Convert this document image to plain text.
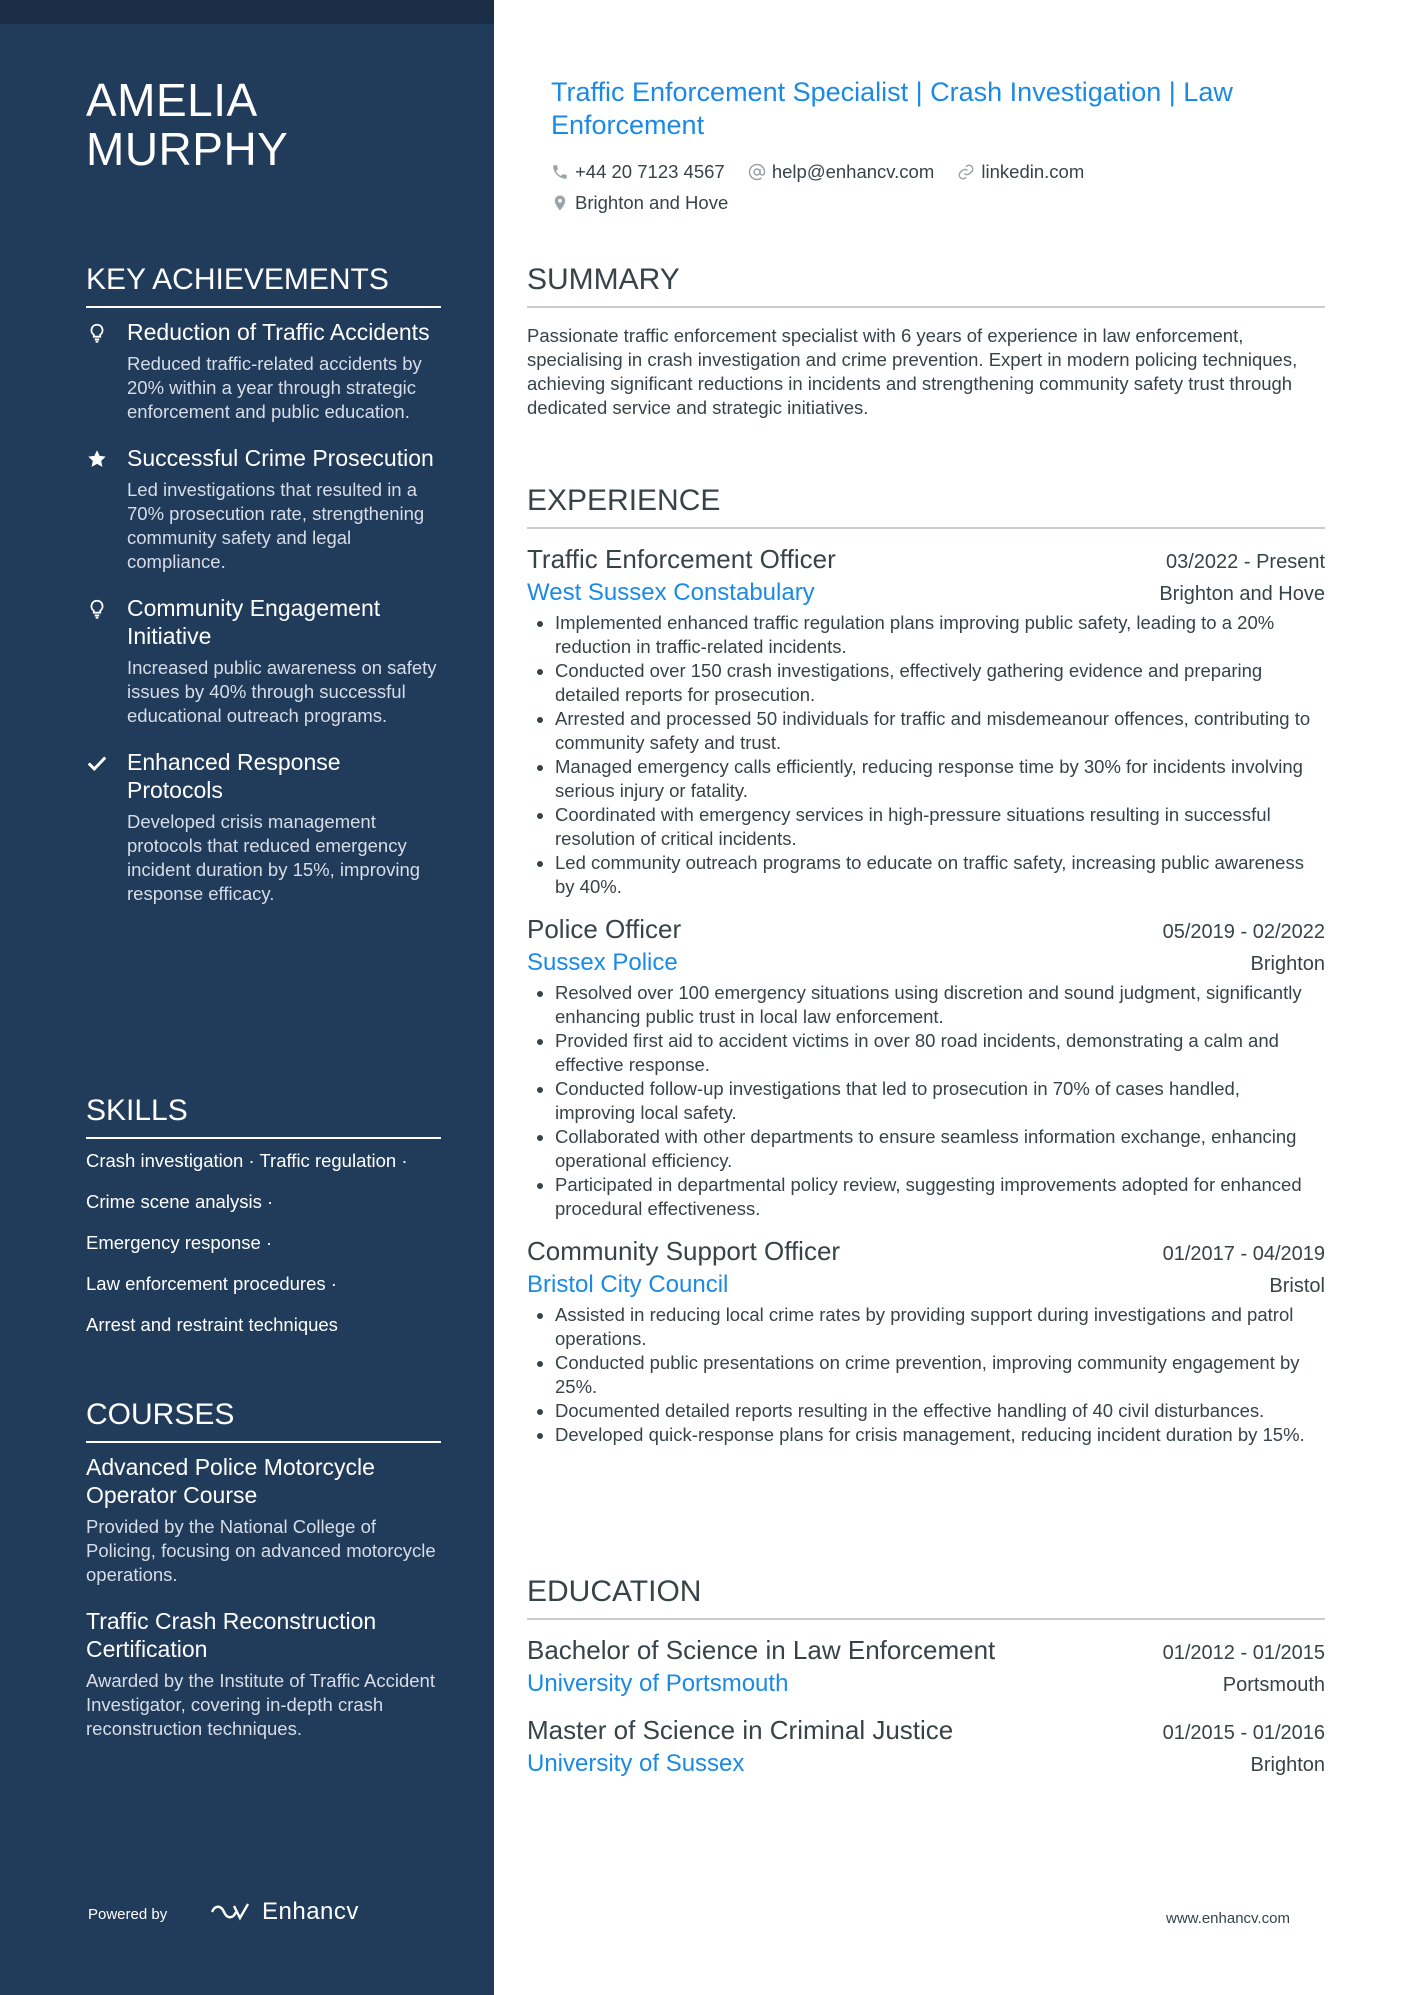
AMELIA MURPHY
KEY ACHIEVEMENTS
Reduction of Traffic Accidents
Reduced traffic-related accidents by 20% within a year through strategic enforcement and public education.
Successful Crime Prosecution
Led investigations that resulted in a 70% prosecution rate, strengthening community safety and legal compliance.
Community Engagement Initiative
Increased public awareness on safety issues by 40% through successful educational outreach programs.
Enhanced Response Protocols
Developed crisis management protocols that reduced emergency incident duration by 15%, improving response efficacy.
SKILLS
Crash investigation · Traffic regulation ·
Crime scene analysis ·
Emergency response ·
Law enforcement procedures ·
Arrest and restraint techniques
COURSES
Advanced Police Motorcycle Operator Course
Provided by the National College of Policing, focusing on advanced motorcycle operations.
Traffic Crash Reconstruction Certification
Awarded by the Institute of Traffic Accident Investigator, covering in-depth crash reconstruction techniques.
Powered by	Enhancv
Traffic Enforcement Specialist | Crash Investigation | Law Enforcement
+44 20 7123 4567
	help@enhancv.com
	linkedin.com

Brighton and Hove
SUMMARY
Passionate traffic enforcement specialist with 6 years of experience in law enforcement, specialising in crash investigation and crime prevention. Expert in modern policing techniques, achieving significant reductions in incidents and strengthening community safety trust through dedicated service and strategic initiatives.
EXPERIENCE
Traffic Enforcement Officer	03/2022 - Present
West Sussex Constabulary	Brighton and Hove
• Implemented enhanced traffic regulation plans improving public safety, leading to a 20% reduction in traffic-related incidents.
• Conducted over 150 crash investigations, effectively gathering evidence and preparing detailed reports for prosecution.
• Arrested and processed 50 individuals for traffic and misdemeanour offences, contributing to community safety and trust.
• Managed emergency calls efficiently, reducing response time by 30% for incidents involving serious injury or fatality.
• Coordinated with emergency services in high-pressure situations resulting in successful resolution of critical incidents.
• Led community outreach programs to educate on traffic safety, increasing public awareness by 40%.
Police Officer	05/2019 - 02/2022
Sussex Police	Brighton
• Resolved over 100 emergency situations using discretion and sound judgment, significantly enhancing public trust in local law enforcement.
• Provided first aid to accident victims in over 80 road incidents, demonstrating a calm and effective response.
• Conducted follow-up investigations that led to prosecution in 70% of cases handled, improving local safety.
• Collaborated with other departments to ensure seamless information exchange, enhancing operational efficiency.
• Participated in departmental policy review, suggesting improvements adopted for enhanced procedural effectiveness.
Community Support Officer	01/2017 - 04/2019
Bristol City Council	Bristol
• Assisted in reducing local crime rates by providing support during investigations and patrol operations.
• Conducted public presentations on crime prevention, improving community engagement by 25%.
• Documented detailed reports resulting in the effective handling of 40 civil disturbances.
• Developed quick-response plans for crisis management, reducing incident duration by 15%.
EDUCATION
Bachelor of Science in Law Enforcement	01/2012 - 01/2015
University of Portsmouth	Portsmouth
Master of Science in Criminal Justice	01/2015 - 01/2016
University of Sussex	Brighton
www.enhancv.com
